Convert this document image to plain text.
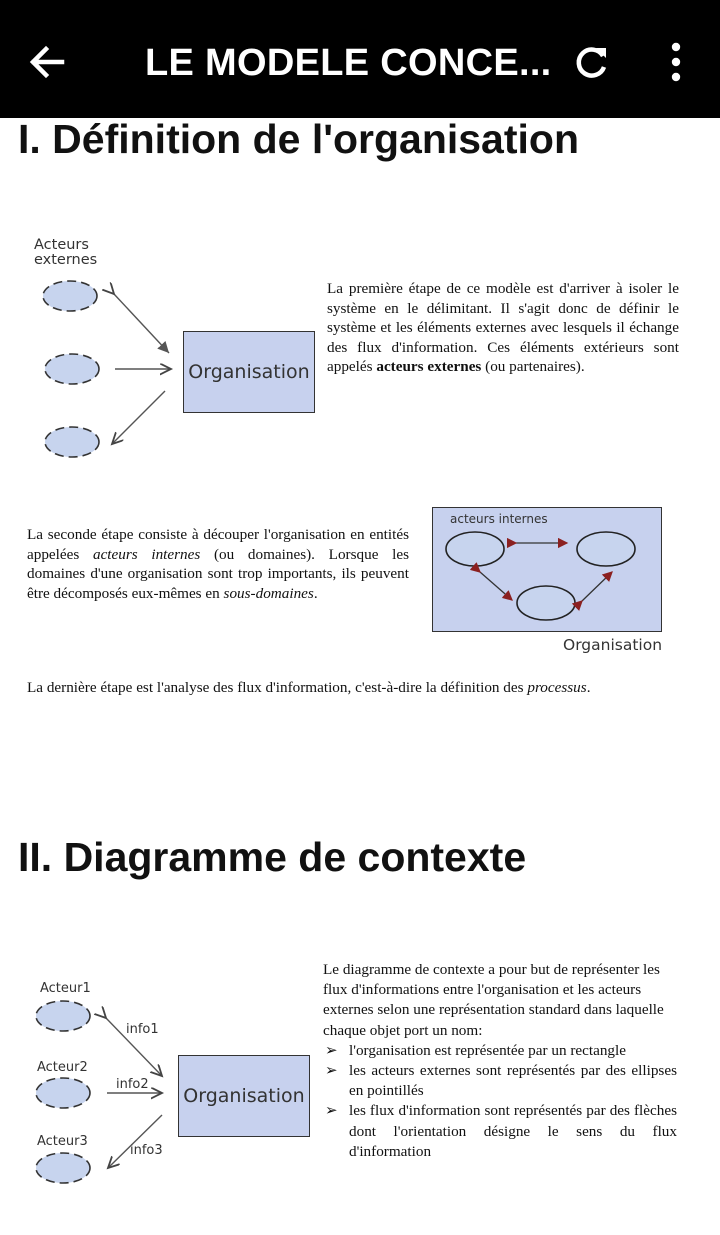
LE MODELE CONCE...
I. Définition de l'organisation
Acteurs
externes
Organisation
La première étape de ce modèle est d'arriver à isoler le système en le délimitant. Il s'agit donc de définir le système et les éléments externes avec lesquels il échange des flux d'information. Ces éléments extérieurs sont appelés acteurs externes (ou partenaires).
La seconde étape consiste à découper l'organisation en entités appelées acteurs internes (ou domaines). Lorsque les domaines d'une organisation sont trop importants, ils peuvent être décomposés eux-mêmes en sous-domaines.
acteurs internes
Organisation
La dernière étape est l'analyse des flux d'information, c'est-à-dire la définition des processus.
II. Diagramme de contexte
Acteur1
Acteur2
Acteur3
info1
info2
info3
Organisation
Le diagramme de contexte a pour but de représenter les flux d'informations entre l'organisation et les acteurs externes selon une représentation standard dans laquelle chaque objet port un nom:
➢ l'organisation est représentée par un rectangle
➢ les acteurs externes sont représentés par des ellipses en pointillés
➢ les flux d'information sont représentés par des flèches dont l'orientation désigne le sens du flux d'information
